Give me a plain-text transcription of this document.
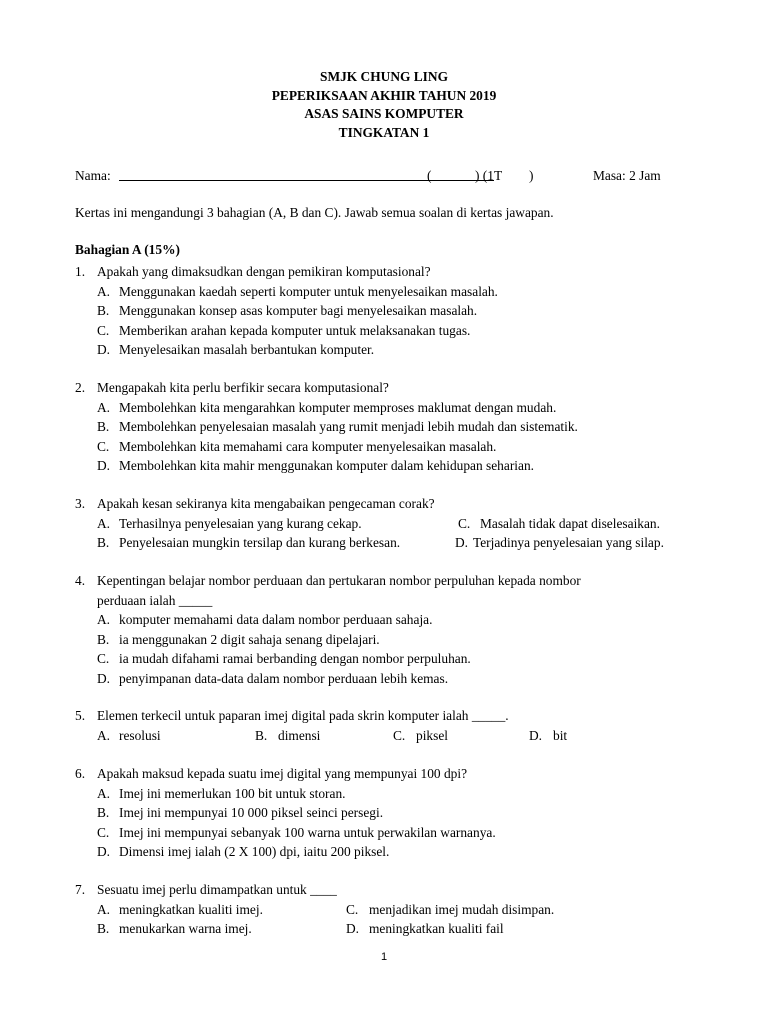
SMJK CHUNG LING
PEPERIKSAAN AKHIR TAHUN 2019
ASAS SAINS KOMPUTER
TINGKATAN 1
Nama:	(	) (1T )	Masa: 2 Jam
Kertas ini mengandungi 3 bahagian (A, B dan C). Jawab semua soalan di kertas jawapan.
Bahagian A (15%)
1. Apakah yang dimaksudkan dengan pemikiran komputasional?
A. Menggunakan kaedah seperti komputer untuk menyelesaikan masalah.
B. Menggunakan konsep asas komputer bagi menyelesaikan masalah.
C. Memberikan arahan kepada komputer untuk melaksanakan tugas.
D. Menyelesaikan masalah berbantukan komputer.
2. Mengapakah kita perlu berfikir secara komputasional?
A. Membolehkan kita mengarahkan komputer memproses maklumat dengan mudah.
B. Membolehkan penyelesaian masalah yang rumit menjadi lebih mudah dan sistematik.
C. Membolehkan kita memahami cara komputer menyelesaikan masalah.
D. Membolehkan kita mahir menggunakan komputer dalam kehidupan seharian.
3. Apakah kesan sekiranya kita mengabaikan pengecaman corak?
A. Terhasilnya penyelesaian yang kurang cekap.	C. Masalah tidak dapat diselesaikan.
B. Penyelesaian mungkin tersilap dan kurang berkesan.	D. Terjadinya penyelesaian yang silap.
4. Kepentingan belajar nombor perduaan dan pertukaran nombor perpuluhan kepada nombor
perduaan ialah _____
A. komputer memahami data dalam nombor perduaan sahaja.
B. ia menggunakan 2 digit sahaja senang dipelajari.
C. ia mudah difahami ramai berbanding dengan nombor perpuluhan.
D. penyimpanan data-data dalam nombor perduaan lebih kemas.
5. Elemen terkecil untuk paparan imej digital pada skrin komputer ialah _____.
A. resolusi	B. dimensi	C. piksel	D. bit
6. Apakah maksud kepada suatu imej digital yang mempunyai 100 dpi?
A. Imej ini memerlukan 100 bit untuk storan.
B. Imej ini mempunyai 10 000 piksel seinci persegi.
C. Imej ini mempunyai sebanyak 100 warna untuk perwakilan warnanya.
D. Dimensi imej ialah (2 X 100) dpi, iaitu 200 piksel.
7. Sesuatu imej perlu dimampatkan untuk ____
A. meningkatkan kualiti imej.	C. menjadikan imej mudah disimpan.
B. menukarkan warna imej.	D. meningkatkan kualiti fail
1
